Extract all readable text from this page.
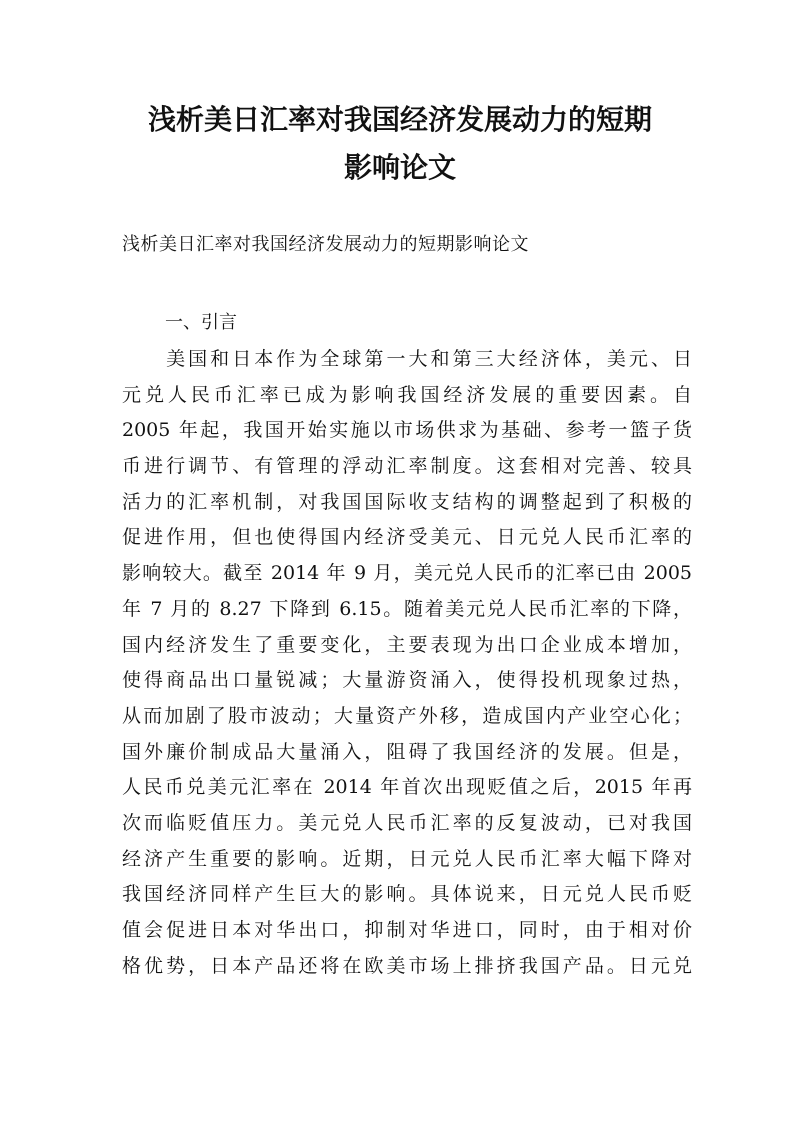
浅析美日汇率对我国经济发展动力的短期
影响论文

浅析美日汇率对我国经济发展动力的短期影响论文

一、引言

　　美国和日本作为全球第一大和第三大经济体，美元、日
元兑人民币汇率已成为影响我国经济发展的重要因素。自
2005 年起，我国开始实施以市场供求为基础、参考一篮子货
币进行调节、有管理的浮动汇率制度。这套相对完善、较具
活力的汇率机制，对我国国际收支结构的调整起到了积极的
促进作用，但也使得国内经济受美元、日元兑人民币汇率的
影响较大。截至 2014 年 9 月，美元兑人民币的汇率已由 2005
年 7 月的 8.27 下降到 6.15。随着美元兑人民币汇率的下降，
国内经济发生了重要变化，主要表现为出口企业成本增加，
使得商品出口量锐减；大量游资涌入，使得投机现象过热，
从而加剧了股市波动；大量资产外移，造成国内产业空心化；
国外廉价制成品大量涌入，阻碍了我国经济的发展。但是，
人民币兑美元汇率在 2014 年首次出现贬值之后，2015 年再
次而临贬值压力。美元兑人民币汇率的反复波动，已对我国
经济产生重要的影响。近期，日元兑人民币汇率大幅下降对
我国经济同样产生巨大的影响。具体说来，日元兑人民币贬
值会促进日本对华出口，抑制对华进口，同时，由于相对价
格优势，日本产品还将在欧美市场上排挤我国产品。日元兑
